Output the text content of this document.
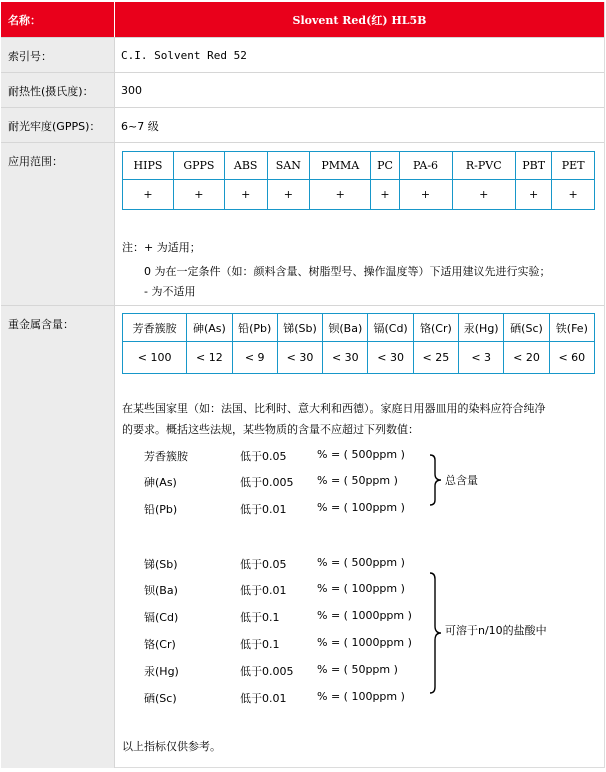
名称：	Slovent Red(红) HL5B
索引号：	C.I. Solvent Red 52
耐热性(摄氏度)：	300
耐光牢度(GPPS)：	6~7 级
应用范围：	HIPS	GPPS	ABS	SAN	PMMA	PC	PA-6	R-PVC	PBT	PET
+	+	+	+	+	+	+	+	+	+
注：+ 为适用；
0 为在一定条件（如：颜料含量、树脂型号、操作温度等）下适用建议先进行实验；
- 为不适用
重金属含量：	芳香簇胺	砷(As)	铅(Pb)	锑(Sb)	钡(Ba)	镉(Cd)	铬(Cr)	汞(Hg)	硒(Sc)	铁(Fe)
< 100	< 12	< 9	< 30	< 30	< 30	< 25	< 3	< 20	< 60
在某些国家里（如：法国、比利时、意大利和西德）。家庭日用器皿用的染料应符合纯净
的要求。概括这些法规，某些物质的含量不应超过下列数值：
芳香簇胺	低于0.05	% = ( 500ppm )
砷(As)	低于0.005 % = ( 50ppm )
铅(Pb)	低于0.01	% = ( 100ppm )
总含量
锑(Sb)	低于0.05	% = ( 500ppm )
钡(Ba)	低于0.01	% = ( 100ppm )
镉(Cd)	低于0.1	% = ( 1000ppm )
铬(Cr)	低于0.1	% = ( 1000ppm )
汞(Hg)	低于0.005 % = ( 50ppm )
硒(Sc)	低于0.01	% = ( 100ppm )
可溶于n/10的盐酸中
以上指标仅供参考。
